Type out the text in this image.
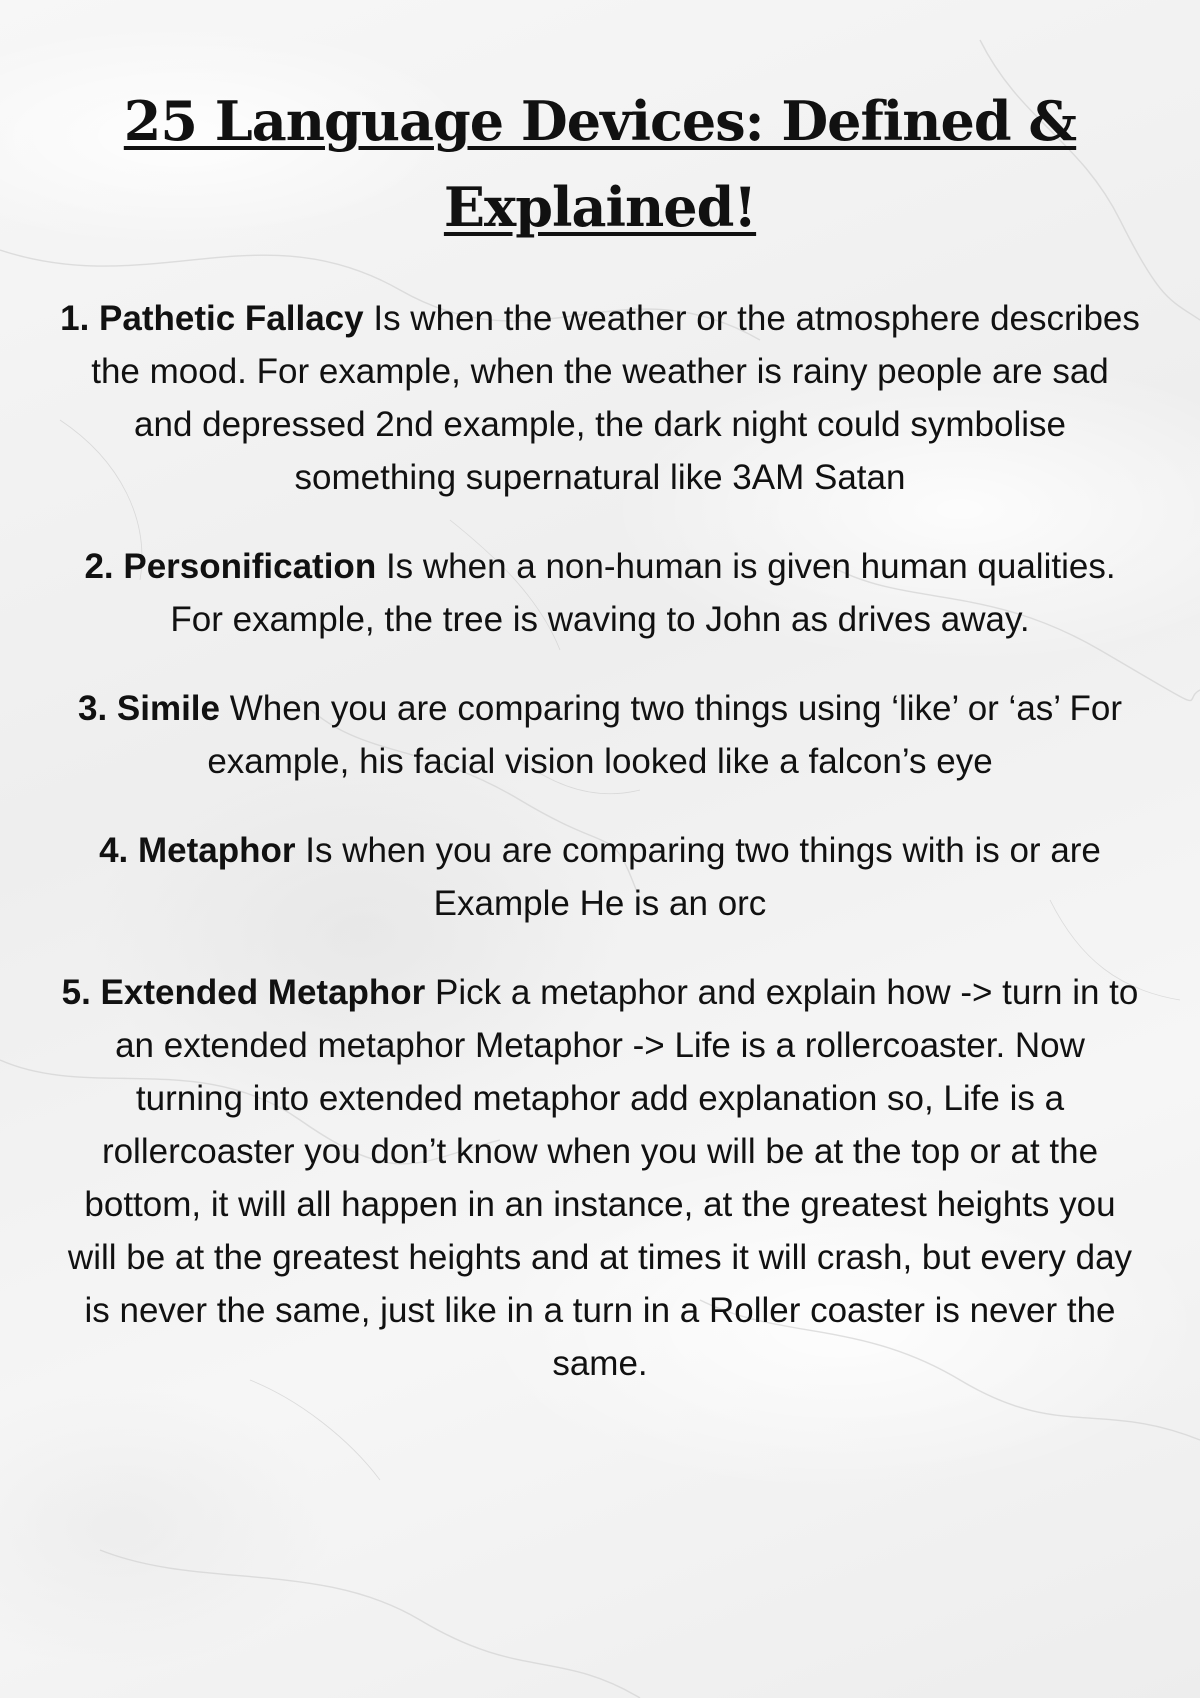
25 Language Devices: Defined & Explained!

1. Pathetic Fallacy Is when the weather or the atmosphere describes the mood. For example, when the weather is rainy people are sad and depressed 2nd example, the dark night could symbolise something supernatural like 3AM Satan

2. Personification Is when a non-human is given human qualities. For example, the tree is waving to John as drives away.

3. Simile When you are comparing two things using ‘like’ or ‘as’ For example, his facial vision looked like a falcon’s eye

4. Metaphor Is when you are comparing two things with is or are Example He is an orc

5. Extended Metaphor Pick a metaphor and explain how -> turn in to an extended metaphor Metaphor -> Life is a rollercoaster. Now turning into extended metaphor add explanation so, Life is a rollercoaster you don’t know when you will be at the top or at the bottom, it will all happen in an instance, at the greatest heights you will be at the greatest heights and at times it will crash, but every day is never the same, just like in a turn in a Roller coaster is never the same.
